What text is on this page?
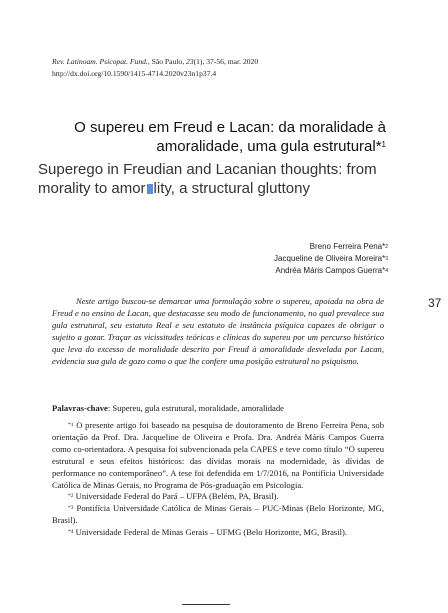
Rev. Latinoam. Psicopat. Fund., São Paulo, 23(1), 37-56, mar. 2020
http://dx.doi.org/10.1590/1415-4714.2020v23n1p37.4
O supereu em Freud e Lacan: da moralidade à amoralidade, uma gula estrutural*$^1$
Superego in Freudian and Lacanian thoughts: from morality to amor lity, a structural gluttony
Breno Ferreira Pena*$^2$
Jacqueline de Oliveira Moreira*$^3$
Andréa Máris Campos Guerra*$^4$
37
Neste artigo buscou-se demarcar uma formulação sobre o supereu, apoiada na obra de Freud e no ensino de Lacan, que destacasse seu modo de funcionamento, no qual prevalece sua gula estrutural, seu estatuto Real e seu estatuto de instância psíquica capazes de obrigar o sujeito a gozar. Traçar as vicissitudes teóricas e clínicas do supereu por um percurso histórico que leva do excesso de moralidade descrito por Freud à amoralidade desvelada por Lacan, evidencia sua gula de gozo como o que lhe confere uma posição estrutural no psiquismo.
Palavras-chave: Supereu, gula estrutural, moralidade, amoralidade

$^{*1}$ O presente artigo foi baseado na pesquisa de doutoramento de Breno Ferreira Pena, sob orientação da Prof. Dra. Jacqueline de Oliveira e Profa. Dra. Andréa Máris Campos Guerra como co-orientadora. A pesquisa foi subvencionada pela CAPES e teve como título “O supereu estrutural e seus efeitos históricos: das dívidas morais na modernidade, às dívidas de performance no contemporâneo”. A tese foi defendida em 1/7/2016, na Pontifícia Universidade Católica de Minas Gerais, no Programa de Pós-graduação em Psicologia.

$^{*2}$ Universidade Federal do Pará – UFPA (Belém, PA, Brasil).

$^{*3}$ Pontifícia Universidade Católica de Minas Gerais – PUC-Minas (Belo Horizonte, MG, Brasil).

$^{*4}$ Universidade Federal de Minas Gerais – UFMG (Belo Horizonte, MG, Brasil).
